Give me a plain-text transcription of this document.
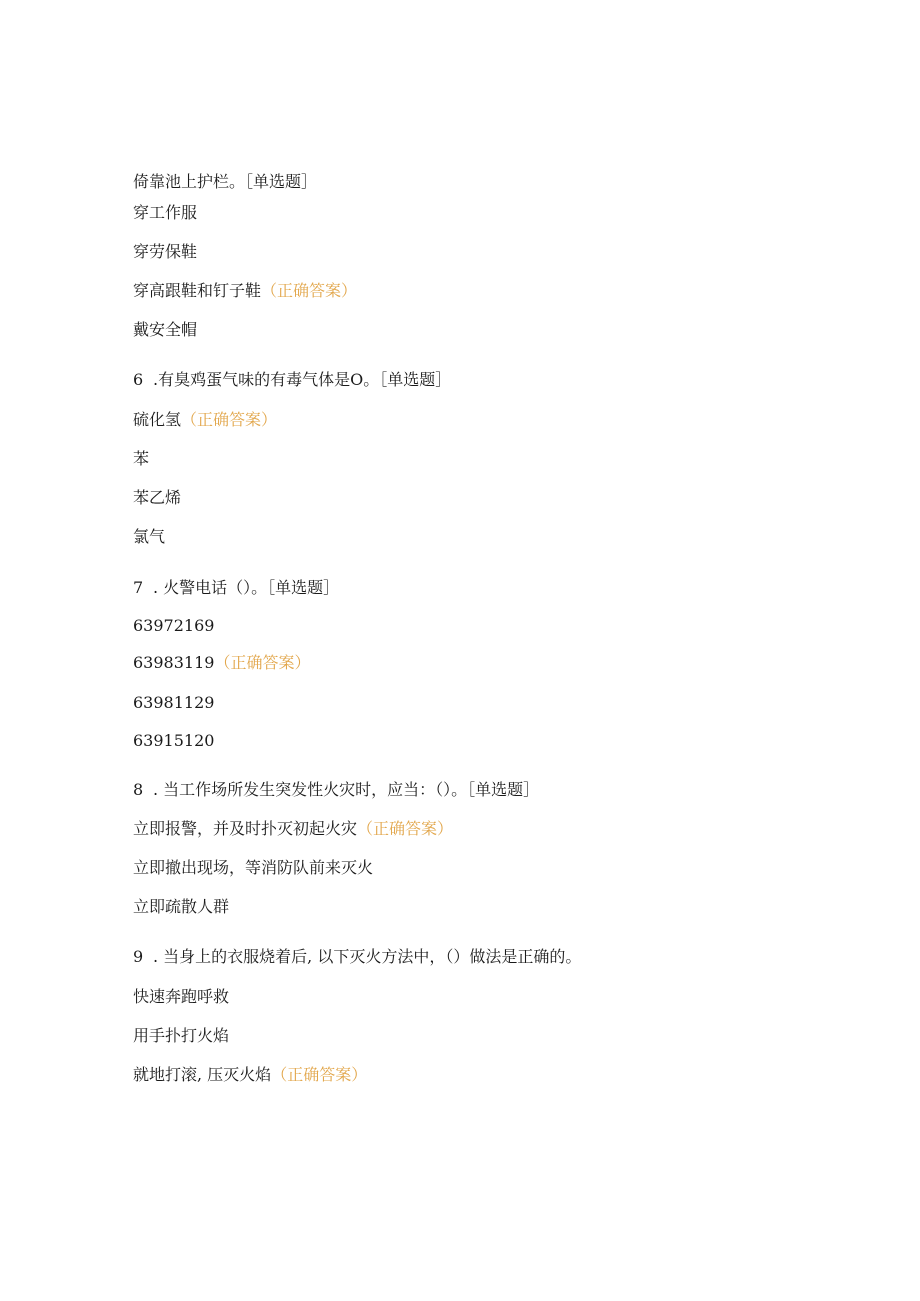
倚靠池上护栏。［单选题］
穿工作服
穿劳保鞋
穿高跟鞋和钉子鞋（正确答案）
戴安全帽
6 .有臭鸡蛋气味的有毒气体是O。［单选题］
硫化氢（正确答案）
苯
苯乙烯
氯气
7 . 火警电话（）。［单选题］
63972169
63983119（正确答案）
63981129
63915120
8 . 当工作场所发生突发性火灾时，应当：（）。［单选题］
立即报警，并及时扑灭初起火灾（正确答案）
立即撤出现场，等消防队前来灭火
立即疏散人群
9 . 当身上的衣服烧着后, 以下灭火方法中，（）做法是正确的。
快速奔跑呼救
用手扑打火焰
就地打滚, 压灭火焰（正确答案）
